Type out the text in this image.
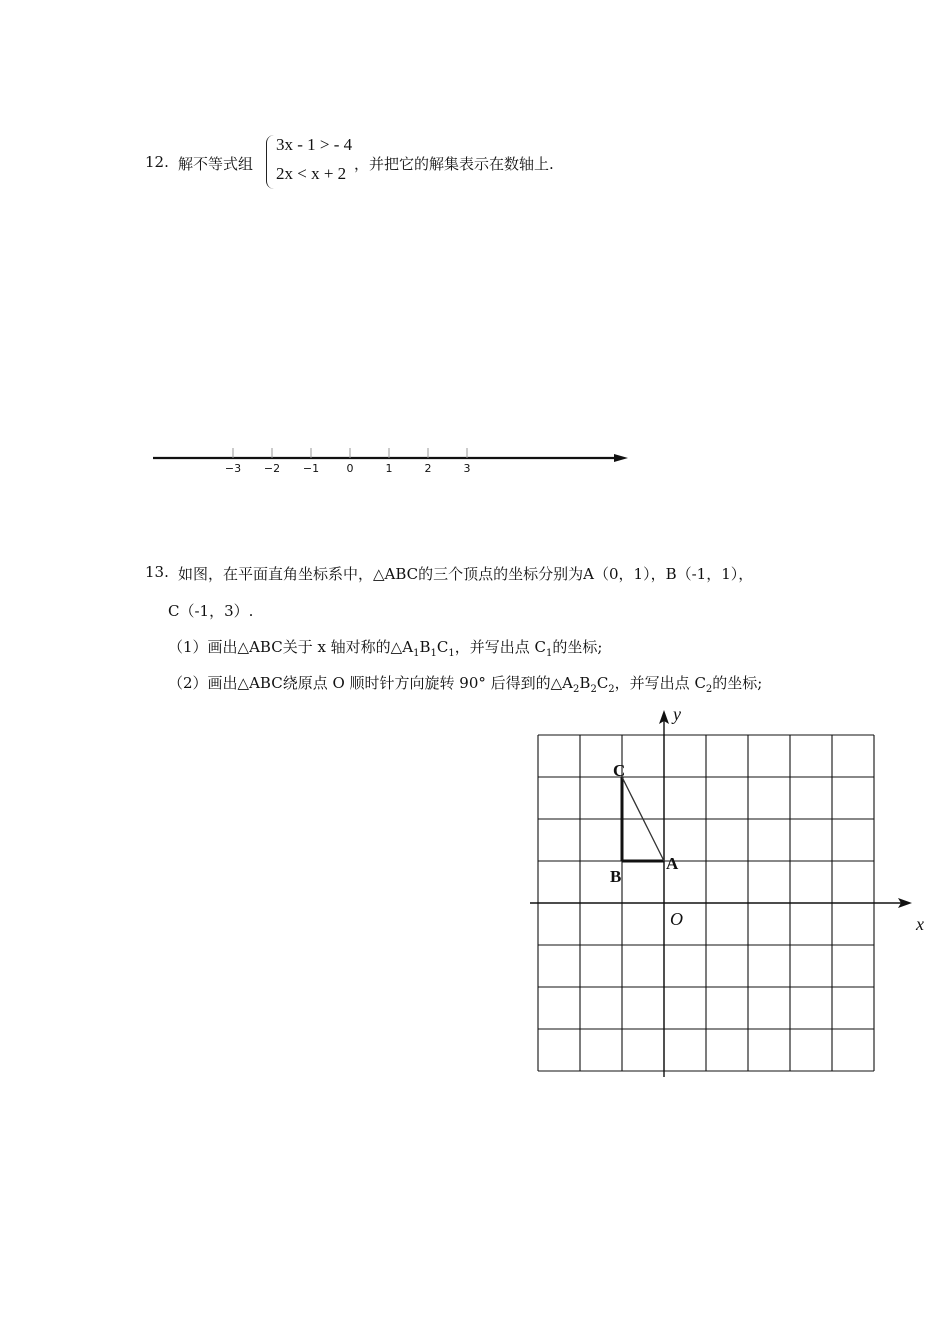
12. 解不等式组
3x - 1 > - 4
2x < x + 2 ，并把它的解集表示在数轴上.
−3 −2 −1 0	1	2	3
13. 如图，在平面直角坐标系中，△ABC的三个顶点的坐标分别为A（0，1），B（-1，1），
C（-1，3）.
（1）画出△ABC关于 x 轴对称的$\triangle A_1B_1C_1$，并写出点 $C_1$的坐标;
（2）画出△ABC绕原点 O 顺时针方向旋转 90° 后得到的$\triangle A_2B_2C_2$，并写出点 $C_2$的坐标;
x
y
O
A
B
C
